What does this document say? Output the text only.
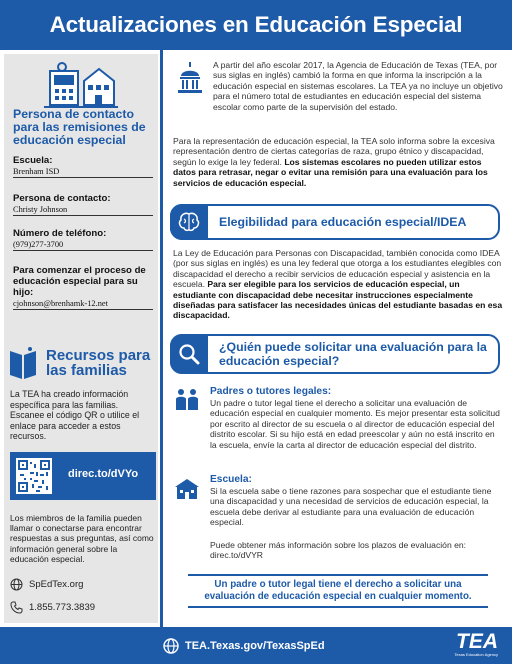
Actualizaciones en Educación Especial
Persona de contacto para las remisiones de educación especial
Escuela:
Brenham ISD
Persona de contacto:
Christy Johnson
Número de teléfono:
(979)277-3700
Para comenzar el proceso de educación especial para su hijo:
cjohnson@brenhamk-12.net
Recursos para las familias
La TEA ha creado información específica para las familias. Escanee el código QR o utilice el enlace para acceder a estos recursos.
direc.to/dVYo
Los miembros de la familia pueden llamar o conectarse para encontrar respuestas a sus preguntas, así como información general sobre la educación especial.
SpEdTex.org
1.855.773.3839
A partir del año escolar 2017, la Agencia de Educación de Texas (TEA, por sus siglas en inglés) cambió la forma en que informa la inscripción a la educación especial en sistemas escolares. La TEA ya no incluye un objetivo para el número total de estudiantes en educación especial del sistema escolar como parte de la supervisión del estado.
Para la representación de educación especial, la TEA solo informa sobre la excesiva representación dentro de ciertas categorías de raza, grupo étnico y discapacidad, según lo exige la ley federal. Los sistemas escolares no pueden utilizar estos datos para retrasar, negar o evitar una remisión para una evaluación para los servicios de educación especial.
Elegibilidad para educación especial/IDEA
La Ley de Educación para Personas con Discapacidad, también conocida como IDEA (por sus siglas en inglés) es una ley federal que otorga a los estudiantes elegibles con discapacidad el derecho a recibir servicios de educación especial y asistencia en la escuela. Para ser elegible para los servicios de educación especial, un estudiante con discapacidad debe necesitar instrucciones especialmente diseñadas para satisfacer las necesidades únicas del estudiante basadas en esa discapacidad.
¿Quién puede solicitar una evaluación para la educación especial?
Padres o tutores legales:
Un padre o tutor legal tiene el derecho a solicitar una evaluación de educación especial en cualquier momento. Es mejor presentar esta solicitud por escrito al director de su escuela o al director de educación especial del distrito escolar. Si su hijo está en edad preescolar y aún no está inscrito en la escuela, envíe la carta al director de educación especial del distrito.
Escuela:
Si la escuela sabe o tiene razones para sospechar que el estudiante tiene una discapacidad y una necesidad de servicios de educación especial, la escuela debe derivar al estudiante para una evaluación de educación especial.
Puede obtener más información sobre los plazos de evaluación en: direc.to/dVYR
Un padre o tutor legal tiene el derecho a solicitar una evaluación de educación especial en cualquier momento.
TEA.Texas.gov/TexasSpEd	TEA
Texas Education Agency
